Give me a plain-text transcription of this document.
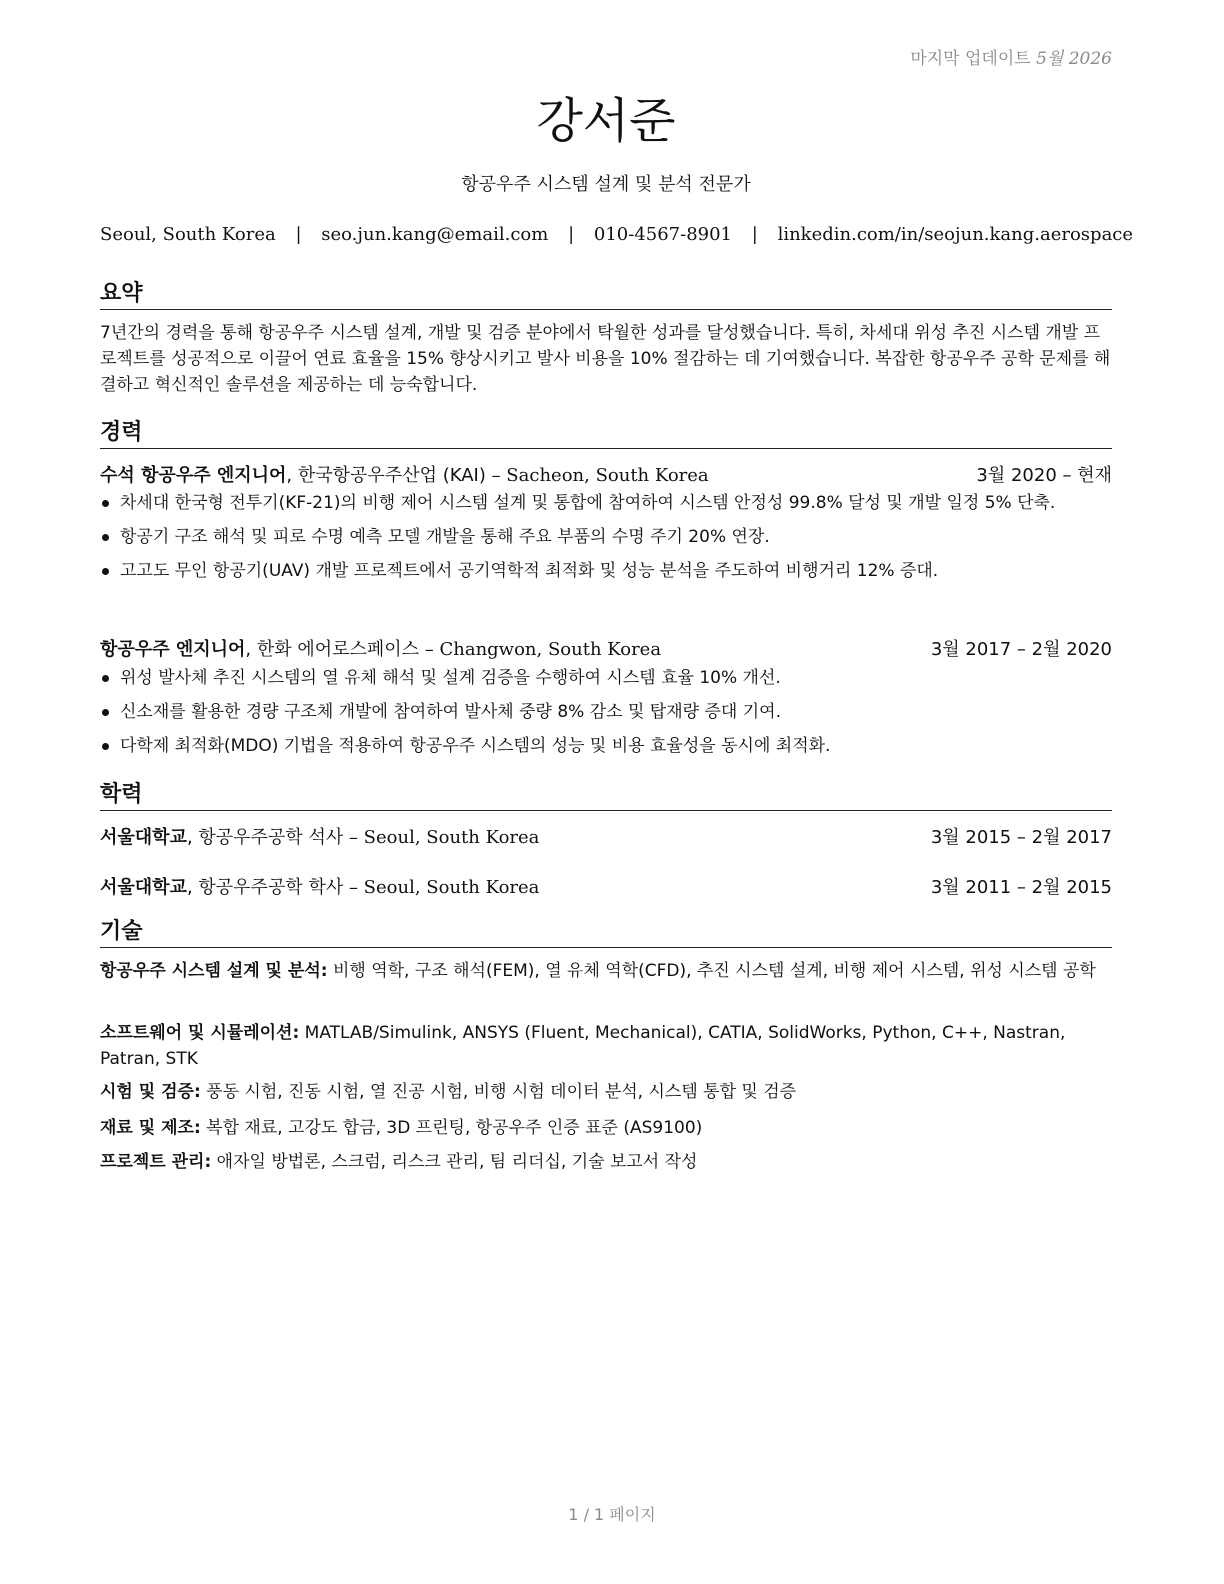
마지막 업데이트 5월 2026
강서준
항공우주 시스템 설계 및 분석 전문가
Seoul, South Korea | seo.jun.kang@email.com | 010-4567-8901 | linkedin.com/in/seojun.kang.aerospace
요약
7년간의 경력을 통해 항공우주 시스템 설계, 개발 및 검증 분야에서 탁월한 성과를 달성했습니다. 특히, 차세대 위성 추진 시스템 개발 프로젝트를 성공적으로 이끌어 연료 효율을 15% 향상시키고 발사 비용을 10% 절감하는 데 기여했습니다. 복잡한 항공우주 공학 문제를 해결하고 혁신적인 솔루션을 제공하는 데 능숙합니다.
경력
수석 항공우주 엔지니어, 한국항공우주산업 (KAI) – Sacheon, South Korea	3월 2020 – 현재
차세대 한국형 전투기(KF-21)의 비행 제어 시스템 설계 및 통합에 참여하여 시스템 안정성 99.8% 달성 및 개발 일정 5% 단축.
항공기 구조 해석 및 피로 수명 예측 모델 개발을 통해 주요 부품의 수명 주기 20% 연장.
고고도 무인 항공기(UAV) 개발 프로젝트에서 공기역학적 최적화 및 성능 분석을 주도하여 비행거리 12% 증대.
항공우주 엔지니어, 한화 에어로스페이스 – Changwon, South Korea	3월 2017 – 2월 2020
위성 발사체 추진 시스템의 열 유체 해석 및 설계 검증을 수행하여 시스템 효율 10% 개선.
신소재를 활용한 경량 구조체 개발에 참여하여 발사체 중량 8% 감소 및 탑재량 증대 기여.
다학제 최적화(MDO) 기법을 적용하여 항공우주 시스템의 성능 및 비용 효율성을 동시에 최적화.
학력
서울대학교, 항공우주공학 석사 – Seoul, South Korea	3월 2015 – 2월 2017
서울대학교, 항공우주공학 학사 – Seoul, South Korea	3월 2011 – 2월 2015
기술
항공우주 시스템 설계 및 분석: 비행 역학, 구조 해석(FEM), 열 유체 역학(CFD), 추진 시스템 설계, 비행 제어 시스템, 위성 시스템 공학
소프트웨어 및 시뮬레이션: MATLAB/Simulink, ANSYS (Fluent, Mechanical), CATIA, SolidWorks, Python, C++, Nastran, Patran, STK
시험 및 검증: 풍동 시험, 진동 시험, 열 진공 시험, 비행 시험 데이터 분석, 시스템 통합 및 검증
재료 및 제조: 복합 재료, 고강도 합금, 3D 프린팅, 항공우주 인증 표준 (AS9100)
프로젝트 관리: 애자일 방법론, 스크럼, 리스크 관리, 팀 리더십, 기술 보고서 작성
1 / 1 페이지
